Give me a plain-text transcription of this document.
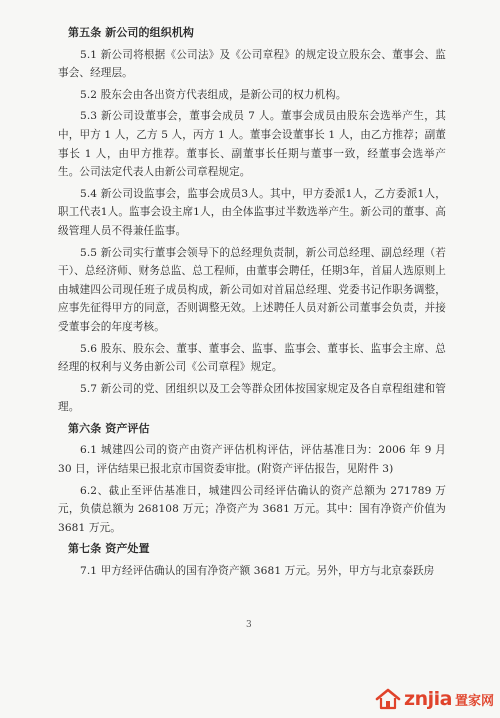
第五条 新公司的组织机构

5.1 新公司将根据《公司法》及《公司章程》的规定设立股东会、董事会、监事会、经理层。

5.2 股东会由各出资方代表组成，是新公司的权力机构。

5.3 新公司设董事会，董事会成员 7 人。董事会成员由股东会选举产生，其中，甲方 1 人，乙方 5 人，丙方 1 人。董事会设董事长 1 人，由乙方推荐；副董事长 1 人，由甲方推荐。董事长、副董事长任期与董事一致，经董事会选举产生。公司法定代表人由新公司章程规定。

5.4 新公司设监事会，监事会成员3人。其中，甲方委派1人，乙方委派1人，职工代表1人。监事会设主席1人，由全体监事过半数选举产生。新公司的董事、高级管理人员不得兼任监事。

5.5 新公司实行董事会领导下的总经理负责制，新公司总经理、副总经理（若干）、总经济师、财务总监、总工程师，由董事会聘任，任期3年，首届人选原则上由城建四公司现任班子成员构成，新公司如对首届总经理、党委书记作职务调整，应事先征得甲方的同意，否则调整无效。上述聘任人员对新公司董事会负责，并接受董事会的年度考核。

5.6 股东、股东会、董事、董事会、监事、监事会、董事长、监事会主席、总经理的权利与义务由新公司《公司章程》规定。

5.7 新公司的党、团组织以及工会等群众团体按国家规定及各自章程组建和管理。

第六条 资产评估

6.1 城建四公司的资产由资产评估机构评估，评估基准日为：2006 年 9 月 30 日，评估结果已报北京市国资委审批。(附资产评估报告，见附件 3)

6.2、截止至评估基准日，城建四公司经评估确认的资产总额为 271789 万元，负债总额为 268108 万元；净资产为 3681 万元。其中：国有净资产价值为 3681 万元。

第七条 资产处置

7.1 甲方经评估确认的国有净资产额 3681 万元。另外，甲方与北京泰跃房

3
znjia 置家网
